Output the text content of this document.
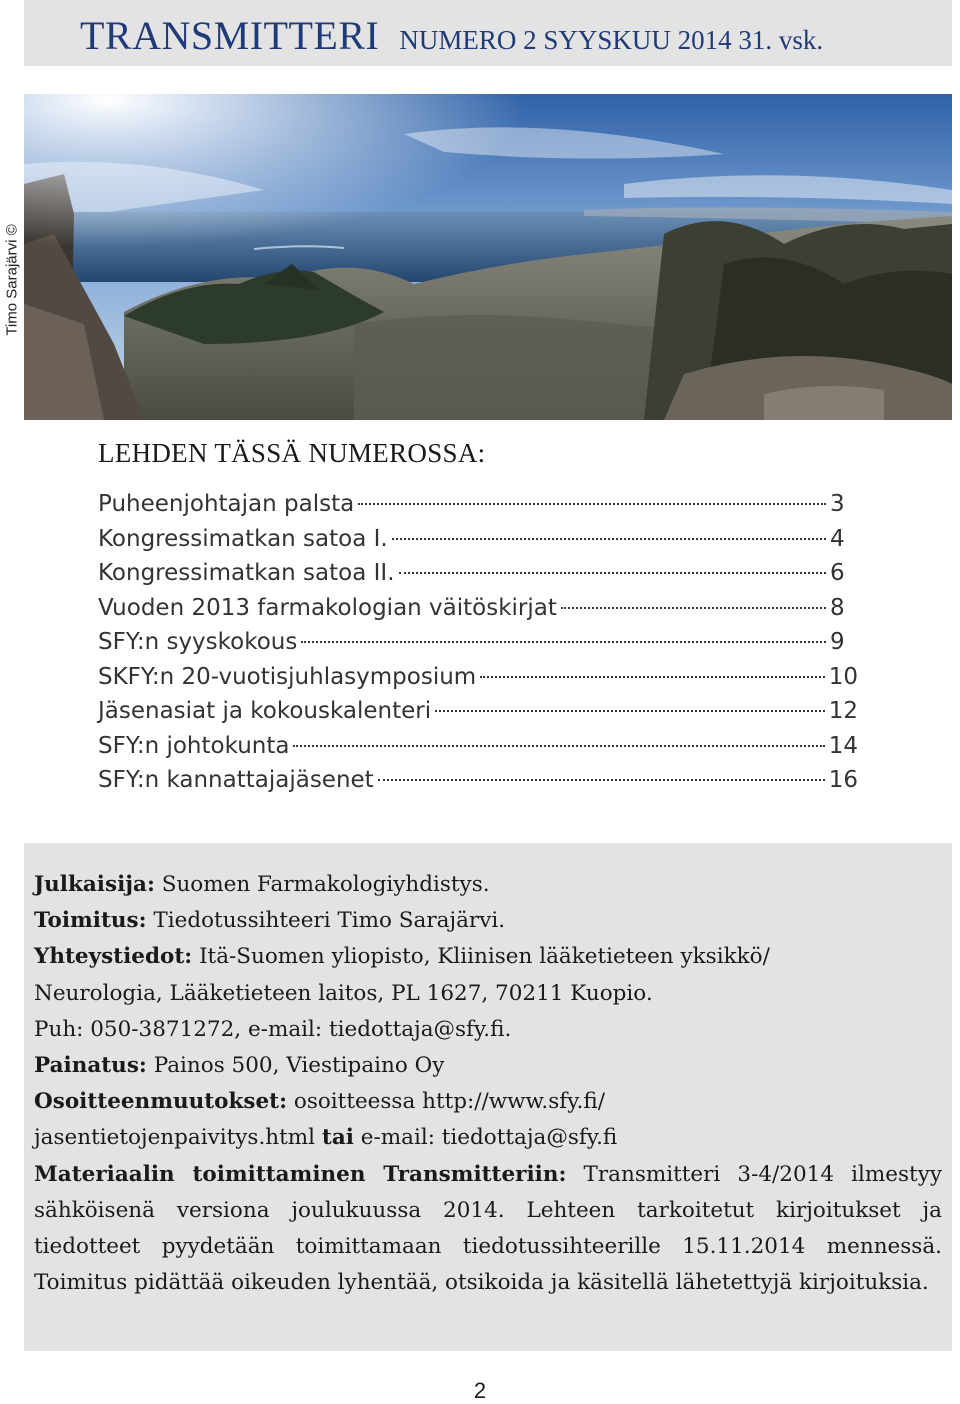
TRANSMITTERI NUMERO 2 SYYSKUU 2014 31. vsk.
Timo Sarajärvi ©
LEHDEN TÄSSÄ NUMEROSSA:
Puheenjohtajan palsta	3
Kongressimatkan satoa I.	4
Kongressimatkan satoa II.	6
Vuoden 2013 farmakologian väitöskirjat	8
SFY:n syyskokous	9
SKFY:n 20-vuotisjuhlasymposium	10
Jäsenasiat ja kokouskalenteri	12
SFY:n johtokunta	14
SFY:n kannattajajäsenet	16

Julkaisija: Suomen Farmakologiyhdistys.

Toimitus: Tiedotussihteeri Timo Sarajärvi.

Yhteystiedot: Itä-Suomen yliopisto, Kliinisen lääketieteen yksikkö/

Neurologia, Lääketieteen laitos, PL 1627, 70211 Kuopio.

Puh: 050-3871272, e-mail: tiedottaja@sfy.fi.

Painatus: Painos 500, Viestipaino Oy

Osoitteenmuutokset: osoitteessa http://www.sfy.fi/

jasentietojenpaivitys.html tai e-mail: tiedottaja@sfy.fi

Materiaalin toimittaminen Transmitteriin: Transmitteri 3-4/2014 ilmestyy sähköisenä versiona joulukuussa 2014. Lehteen tarkoitetut kirjoitukset ja tiedotteet pyydetään toimittamaan tiedotussihteerille 15.11.2014 mennessä. Toimitus pidättää oikeuden lyhentää, otsikoida ja käsitellä lähetettyjä kirjoituksia.

2
